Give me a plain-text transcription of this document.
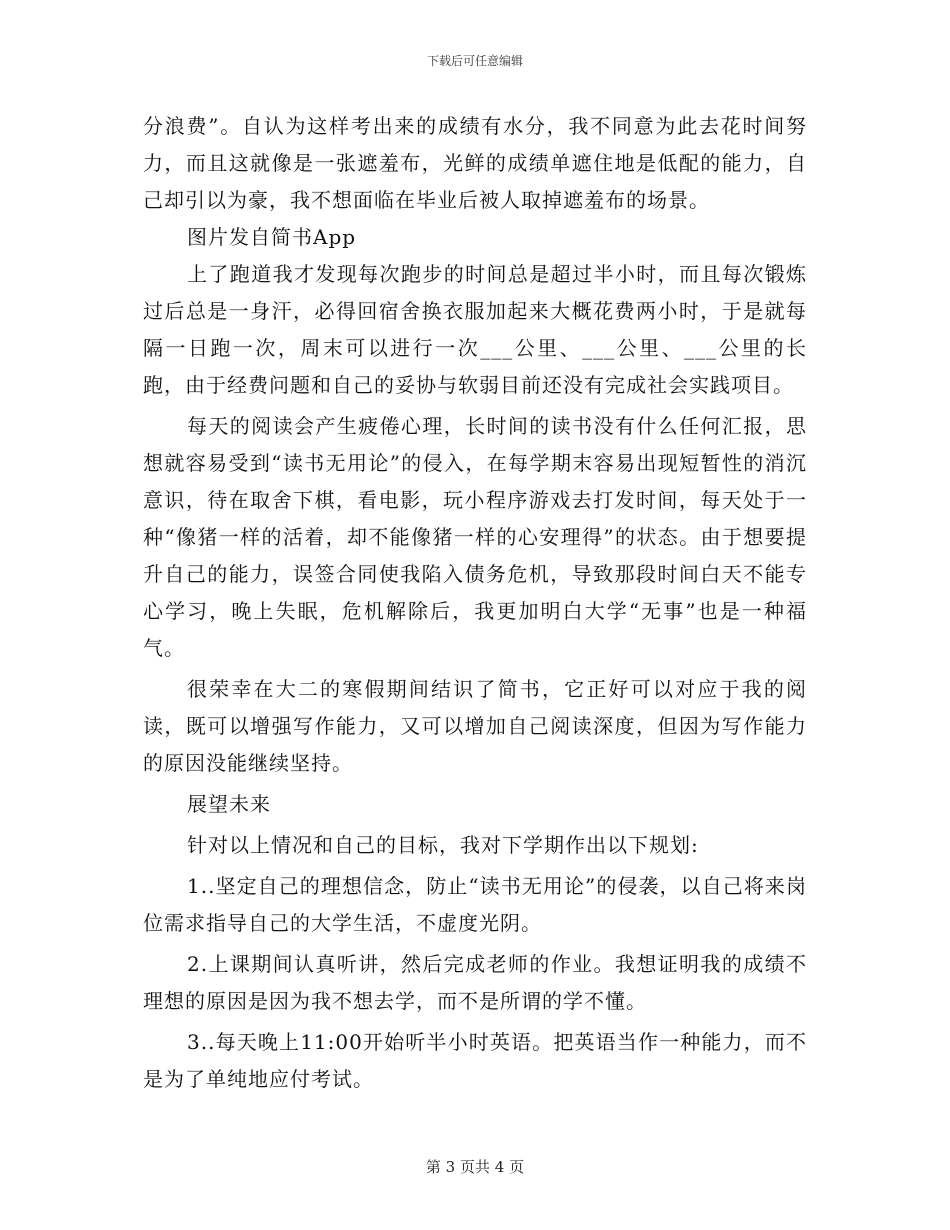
下载后可任意编辑

分浪费”。自认为这样考出来的成绩有水分，我不同意为此去花时间努力，而且这就像是一张遮羞布，光鲜的成绩单遮住地是低配的能力，自己却引以为豪，我不想面临在毕业后被人取掉遮羞布的场景。

图片发自简书App

上了跑道我才发现每次跑步的时间总是超过半小时，而且每次锻炼过后总是一身汗，必得回宿舍换衣服加起来大概花费两小时，于是就每隔一日跑一次，周末可以进行一次___公里、___公里、___公里的长跑，由于经费问题和自己的妥协与软弱目前还没有完成社会实践项目。

每天的阅读会产生疲倦心理，长时间的读书没有什么任何汇报，思想就容易受到“读书无用论”的侵入，在每学期末容易出现短暂性的消沉意识，待在取舍下棋，看电影，玩小程序游戏去打发时间，每天处于一种“像猪一样的活着，却不能像猪一样的心安理得”的状态。由于想要提升自己的能力，误签合同使我陷入债务危机，导致那段时间白天不能专心学习，晚上失眠，危机解除后，我更加明白大学“无事”也是一种福气。

很荣幸在大二的寒假期间结识了简书，它正好可以对应于我的阅读，既可以增强写作能力，又可以增加自己阅读深度，但因为写作能力的原因没能继续坚持。

展望未来

针对以上情况和自己的目标，我对下学期作出以下规划:

1..坚定自己的理想信念，防止“读书无用论”的侵袭，以自己将来岗位需求指导自己的大学生活，不虚度光阴。

2.上课期间认真听讲，然后完成老师的作业。我想证明我的成绩不理想的原因是因为我不想去学，而不是所谓的学不懂。

3..每天晚上11:00开始听半小时英语。把英语当作一种能力，而不是为了单纯地应付考试。

第 3 页共 4 页
